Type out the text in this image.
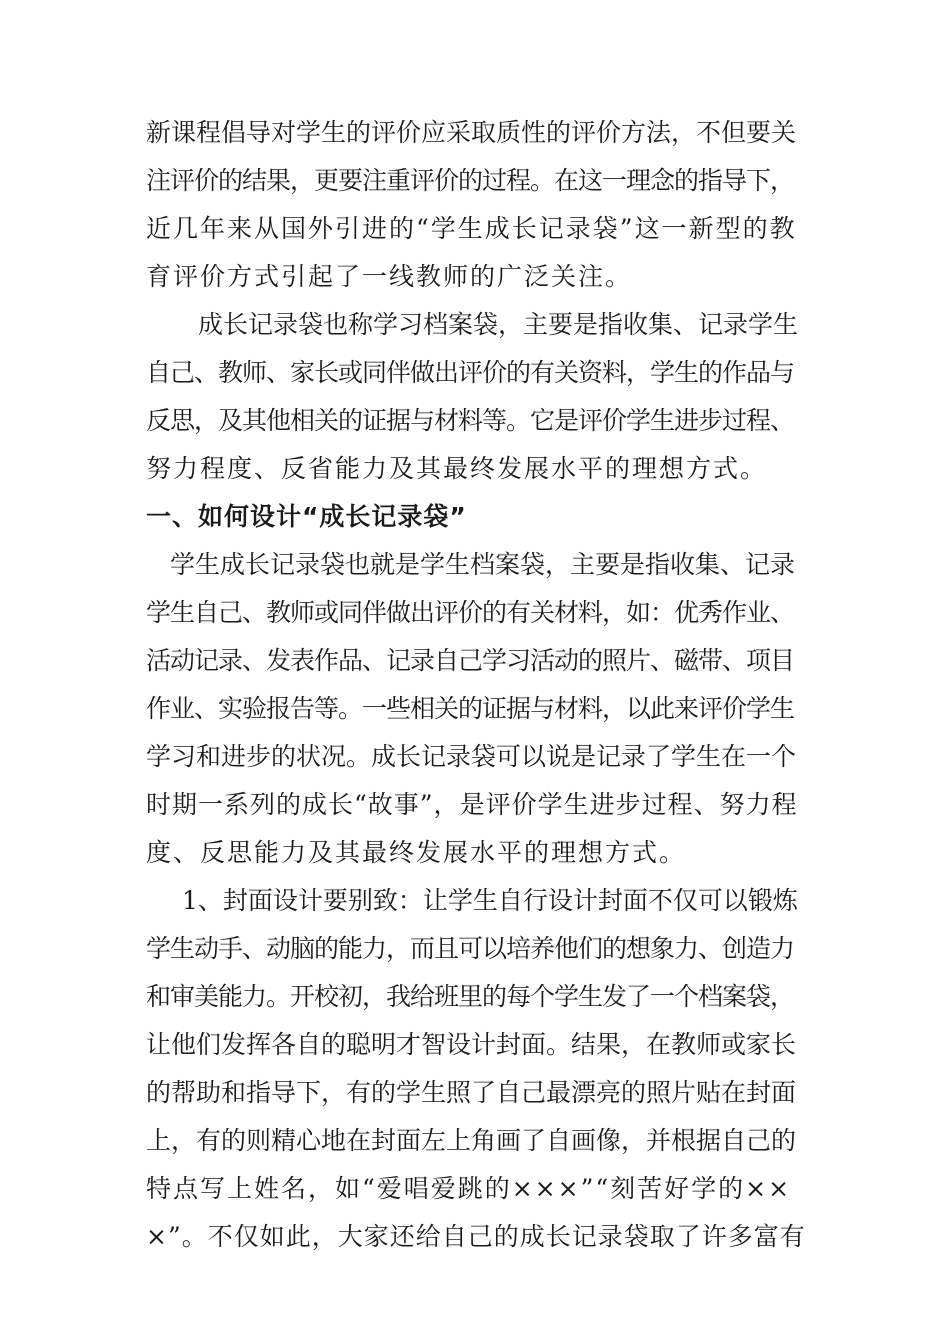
新课程倡导对学生的评价应采取质性的评价方法，不但要关
注评价的结果，更要注重评价的过程。在这一理念的指导下，
近几年来从国外引进的“学生成长记录袋”这一新型的教
育评价方式引起了一线教师的广泛关注。
成长记录袋也称学习档案袋，主要是指收集、记录学生
自己、教师、家长或同伴做出评价的有关资料，学生的作品与
反思，及其他相关的证据与材料等。它是评价学生进步过程、
努力程度、反省能力及其最终发展水平的理想方式。
一、如何设计“成长记录袋”
学生成长记录袋也就是学生档案袋，主要是指收集、记录
学生自己、教师或同伴做出评价的有关材料，如：优秀作业、
活动记录、发表作品、记录自己学习活动的照片、磁带、项目
作业、实验报告等。一些相关的证据与材料，以此来评价学生
学习和进步的状况。成长记录袋可以说是记录了学生在一个
时期一系列的成长“故事”，是评价学生进步过程、努力程
度、反思能力及其最终发展水平的理想方式。
1、封面设计要别致：让学生自行设计封面不仅可以锻炼
学生动手、动脑的能力，而且可以培养他们的想象力、创造力
和审美能力。开校初，我给班里的每个学生发了一个档案袋，
让他们发挥各自的聪明才智设计封面。结果，在教师或家长
的帮助和指导下，有的学生照了自己最漂亮的照片贴在封面
上，有的则精心地在封面左上角画了自画像，并根据自己的
特点写上姓名，如“爱唱爱跳的×××”“刻苦好学的××
×”。不仅如此，大家还给自己的成长记录袋取了许多富有
